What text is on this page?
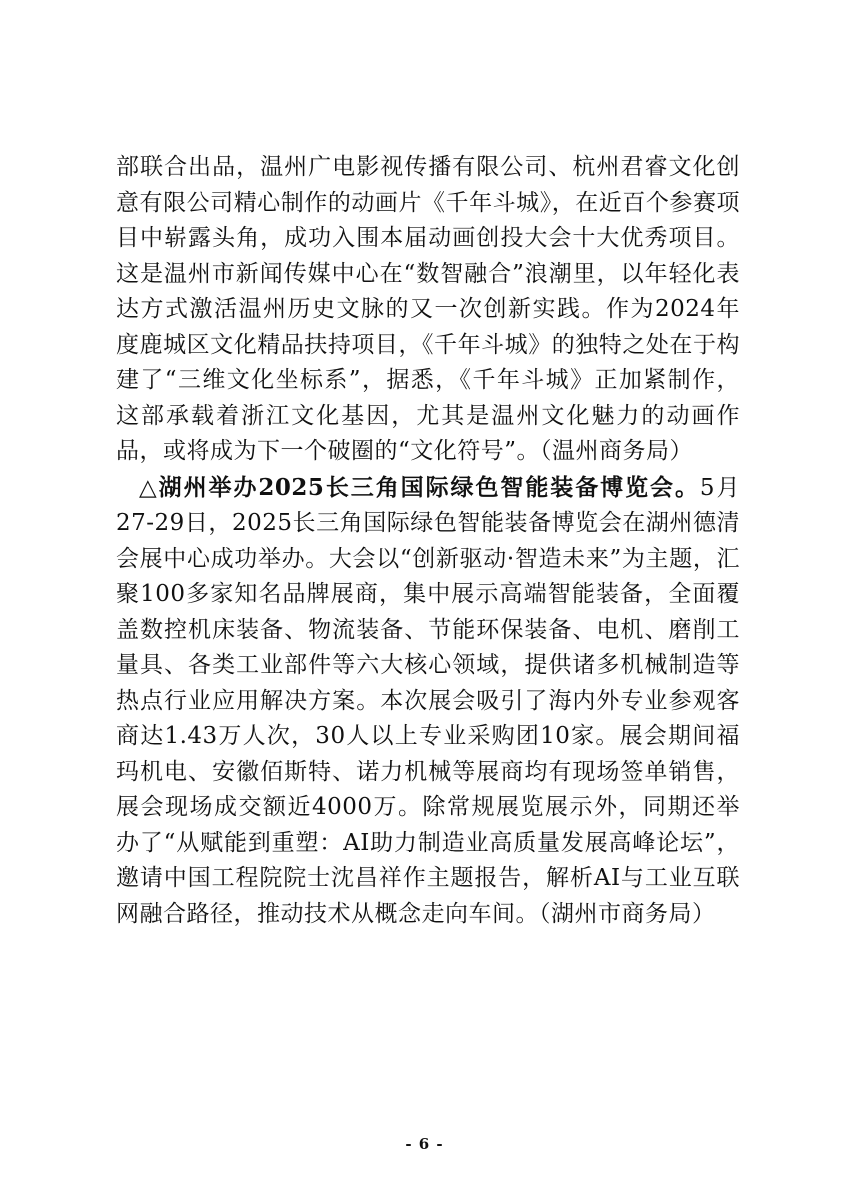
部联合出品，温州广电影视传播有限公司、杭州君睿文化创意有限公司精心制作的动画片《千年斗城》，在近百个参赛项目中崭露头角，成功入围本届动画创投大会十大优秀项目。这是温州市新闻传媒中心在“数智融合”浪潮里，以年轻化表达方式激活温州历史文脉的又一次创新实践。作为2024年度鹿城区文化精品扶持项目，《千年斗城》的独特之处在于构建了“三维文化坐标系”，据悉，《千年斗城》正加紧制作，这部承载着浙江文化基因，尤其是温州文化魅力的动画作品，或将成为下一个破圈的“文化符号”。（温州商务局）

△湖州举办2025长三角国际绿色智能装备博览会。5月27-29日，2025长三角国际绿色智能装备博览会在湖州德清会展中心成功举办。大会以“创新驱动·智造未来”为主题，汇聚100多家知名品牌展商，集中展示高端智能装备，全面覆盖数控机床装备、物流装备、节能环保装备、电机、磨削工量具、各类工业部件等六大核心领域，提供诸多机械制造等热点行业应用解决方案。本次展会吸引了海内外专业参观客商达1.43万人次，30人以上专业采购团10家。展会期间福玛机电、安徽佰斯特、诺力机械等展商均有现场签单销售，展会现场成交额近4000万。除常规展览展示外，同期还举办了“从赋能到重塑：AI助力制造业高质量发展高峰论坛”，邀请中国工程院院士沈昌祥作主题报告，解析AI与工业互联网融合路径，推动技术从概念走向车间。（湖州市商务局）

- 6 -
